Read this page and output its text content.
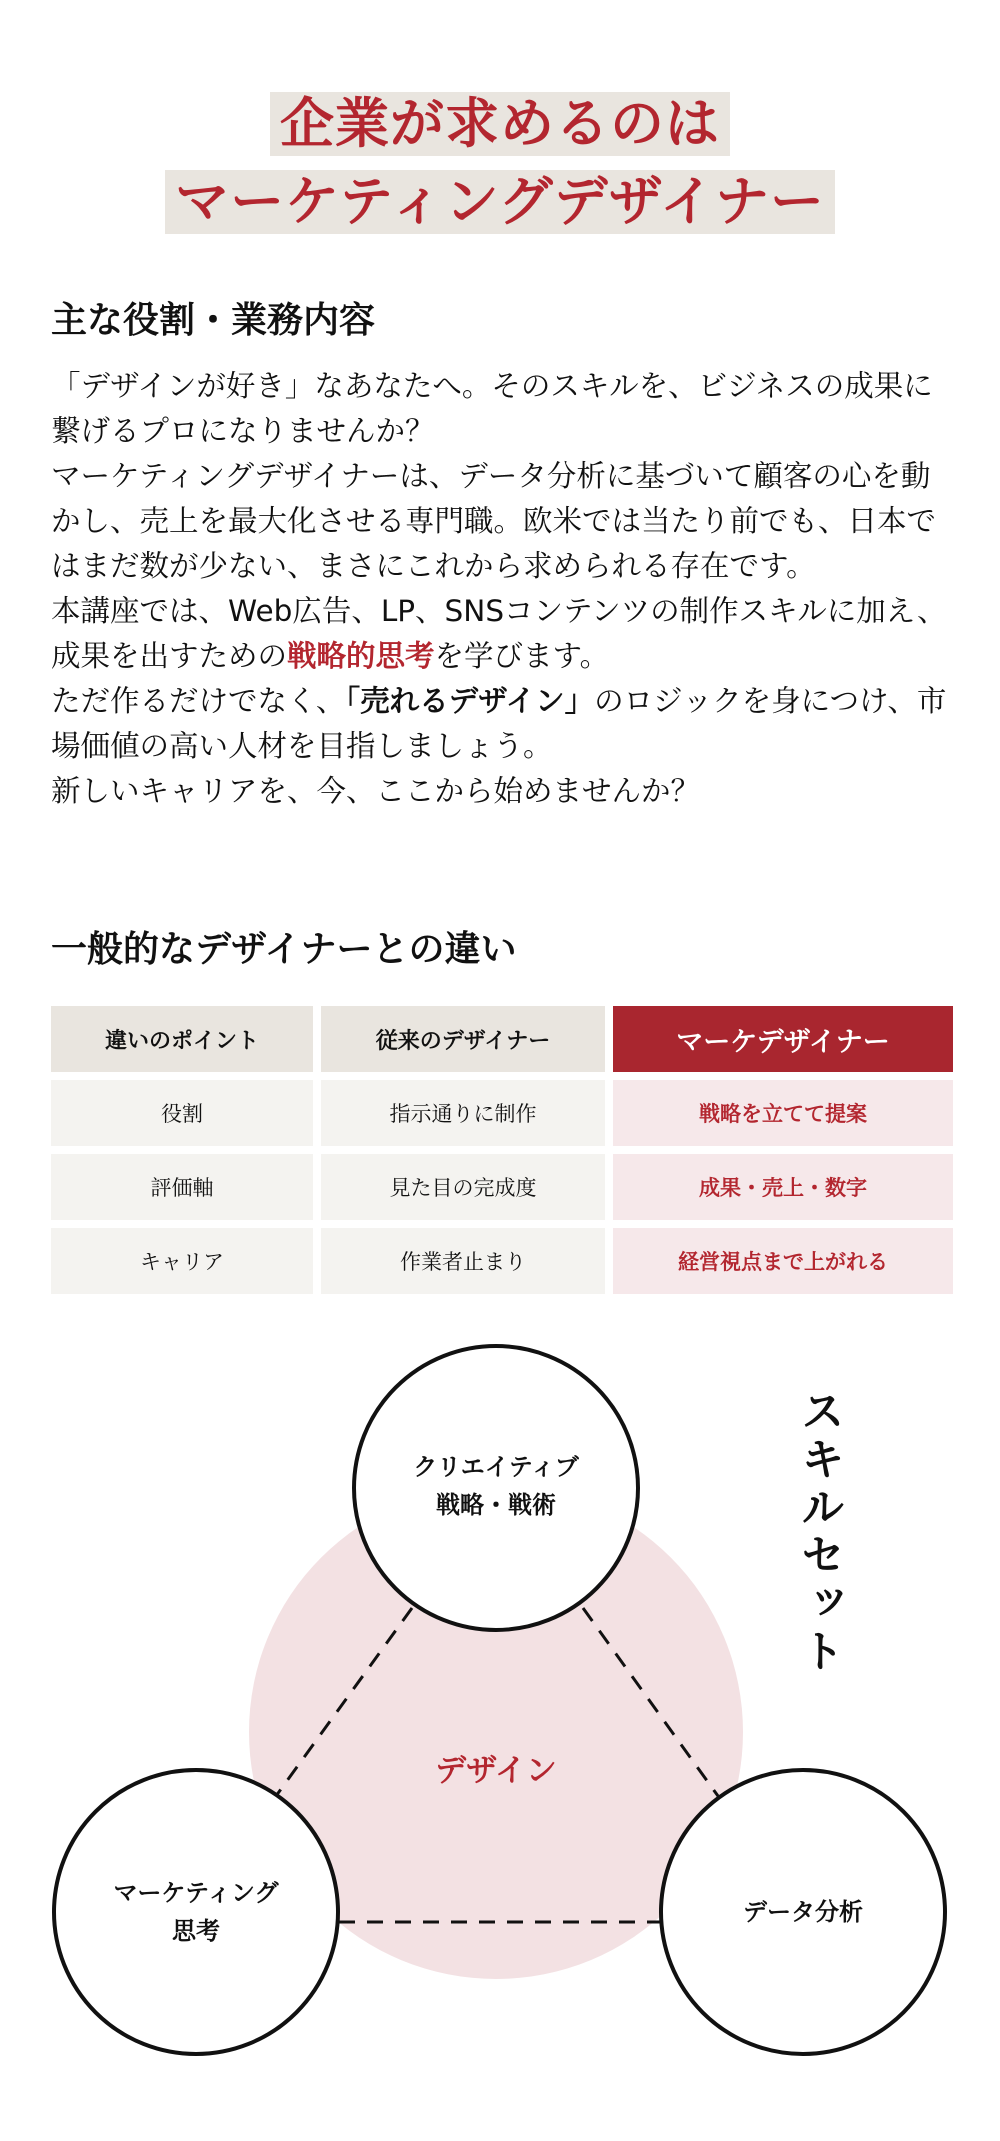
企業が求めるのは
マーケティングデザイナー
主な役割・業務内容

「デザインが好き」なあなたへ。そのスキルを、ビジネスの成果に繋げるプロになりませんか？

マーケティングデザイナーは、データ分析に基づいて顧客の心を動かし、売上を最大化させる専門職。欧米では当たり前でも、日本ではまだ数が少ない、まさにこれから求められる存在です。

本講座では、Web広告、LP、SNSコンテンツの制作スキルに加え、成果を出すための戦略的思考を学びます。

ただ作るだけでなく、「売れるデザイン」のロジックを身につけ、市場価値の高い人材を目指しましょう。

新しいキャリアを、今、ここから始めませんか？

一般的なデザイナーとの違い
違いのポイント	従来のデザイナー	マーケデザイナー
役割	指示通りに制作	戦略を立てて提案
評価軸	見た目の完成度	成果・売上・数字
キャリア	作業者止まり	経営視点まで上がれる
クリエイティブ
戦略・戦術
デザイン
マーケティング
思考
データ分析
スキルセット
